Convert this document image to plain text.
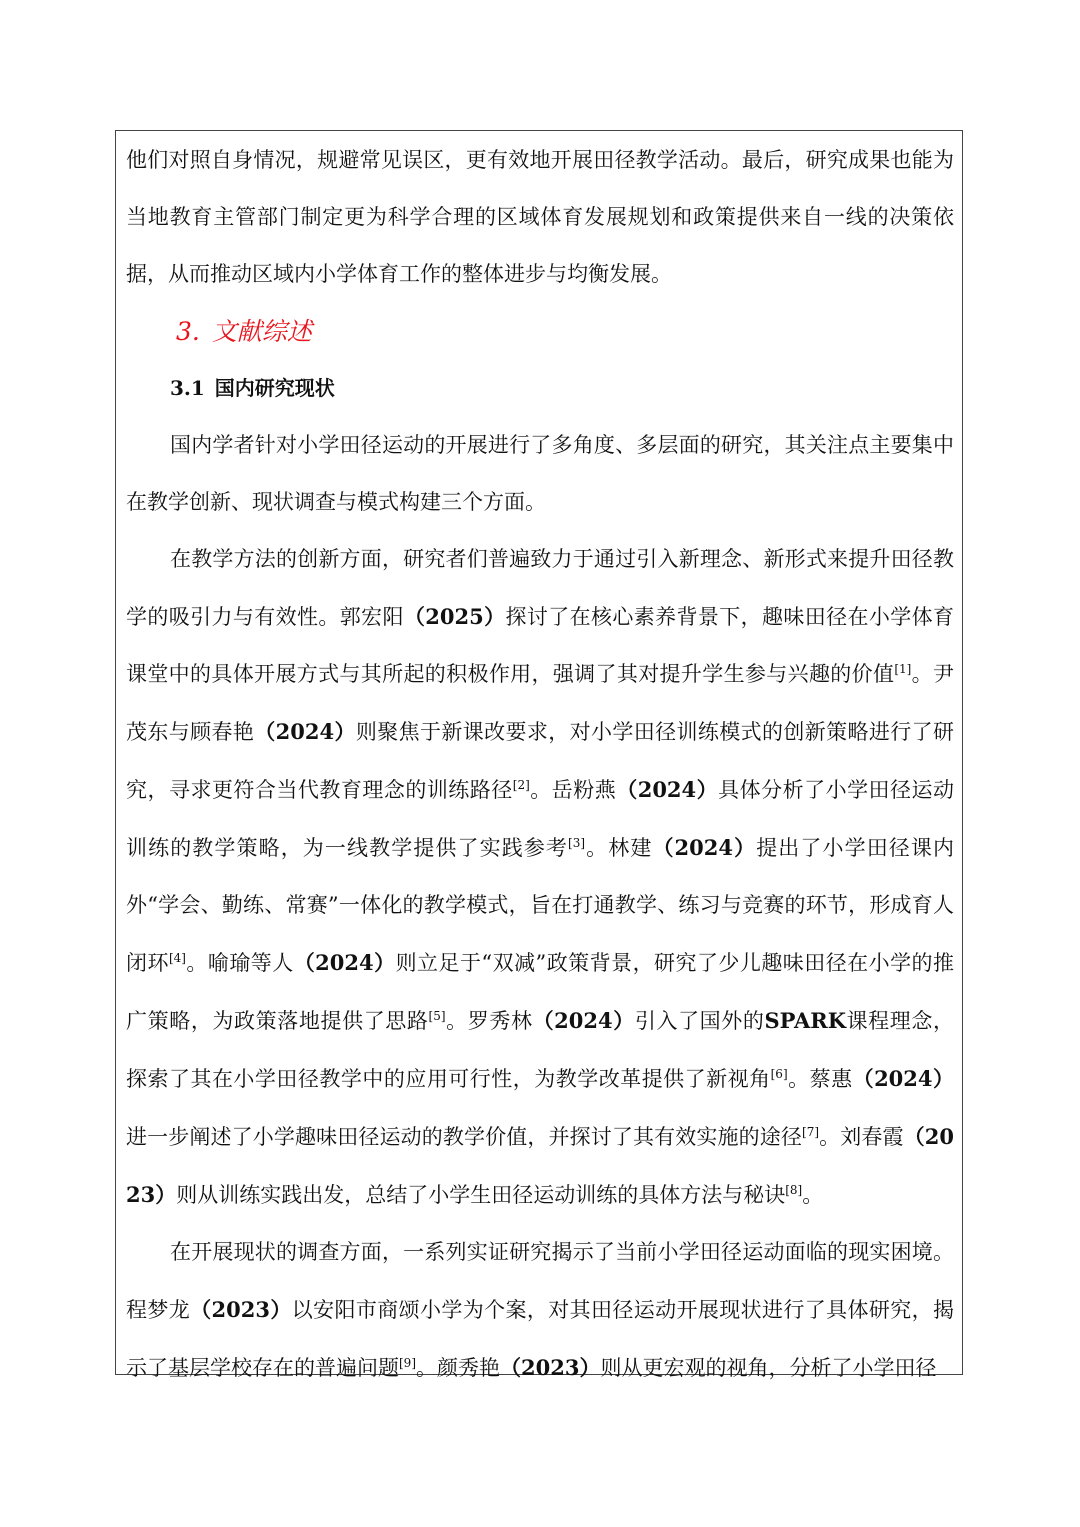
他们对照自身情况，规避常见误区，更有效地开展田径教学活动。最后，研究成果也能为当地教育主管部门制定更为科学合理的区域体育发展规划和政策提供来自一线的决策依据，从而推动区域内小学体育工作的整体进步与均衡发展。

3. 文献综述
3.1 国内研究现状

国内学者针对小学田径运动的开展进行了多角度、多层面的研究，其关注点主要集中在教学创新、现状调查与模式构建三个方面。

在教学方法的创新方面，研究者们普遍致力于通过引入新理念、新形式来提升田径教学的吸引力与有效性。郭宏阳（2025）探讨了在核心素养背景下，趣味田径在小学体育课堂中的具体开展方式与其所起的积极作用，强调了其对提升学生参与兴趣的价值[1]。尹茂东与顾春艳（2024）则聚焦于新课改要求，对小学田径训练模式的创新策略进行了研究，寻求更符合当代教育理念的训练路径[2]。岳粉燕（2024）具体分析了小学田径运动训练的教学策略，为一线教学提供了实践参考[3]。林建（2024）提出了小学田径课内外“学会、勤练、常赛”一体化的教学模式，旨在打通教学、练习与竞赛的环节，形成育人闭环[4]。喻瑜等人（2024）则立足于“双减”政策背景，研究了少儿趣味田径在小学的推广策略，为政策落地提供了思路[5]。罗秀林（2024）引入了国外的SPARK课程理念，探索了其在小学田径教学中的应用可行性，为教学改革提供了新视角[6]。蔡惠（2024）进一步阐述了小学趣味田径运动的教学价值，并探讨了其有效实施的途径[7]。刘春霞（2023）则从训练实践出发，总结了小学生田径运动训练的具体方法与秘诀[8]。

在开展现状的调查方面，一系列实证研究揭示了当前小学田径运动面临的现实困境。程梦龙（2023）以安阳市商颂小学为个案，对其田径运动开展现状进行了具体研究，揭示了基层学校存在的普遍问题[9]。颜秀艳（2023）则从更宏观的视角，分析了小学田径
